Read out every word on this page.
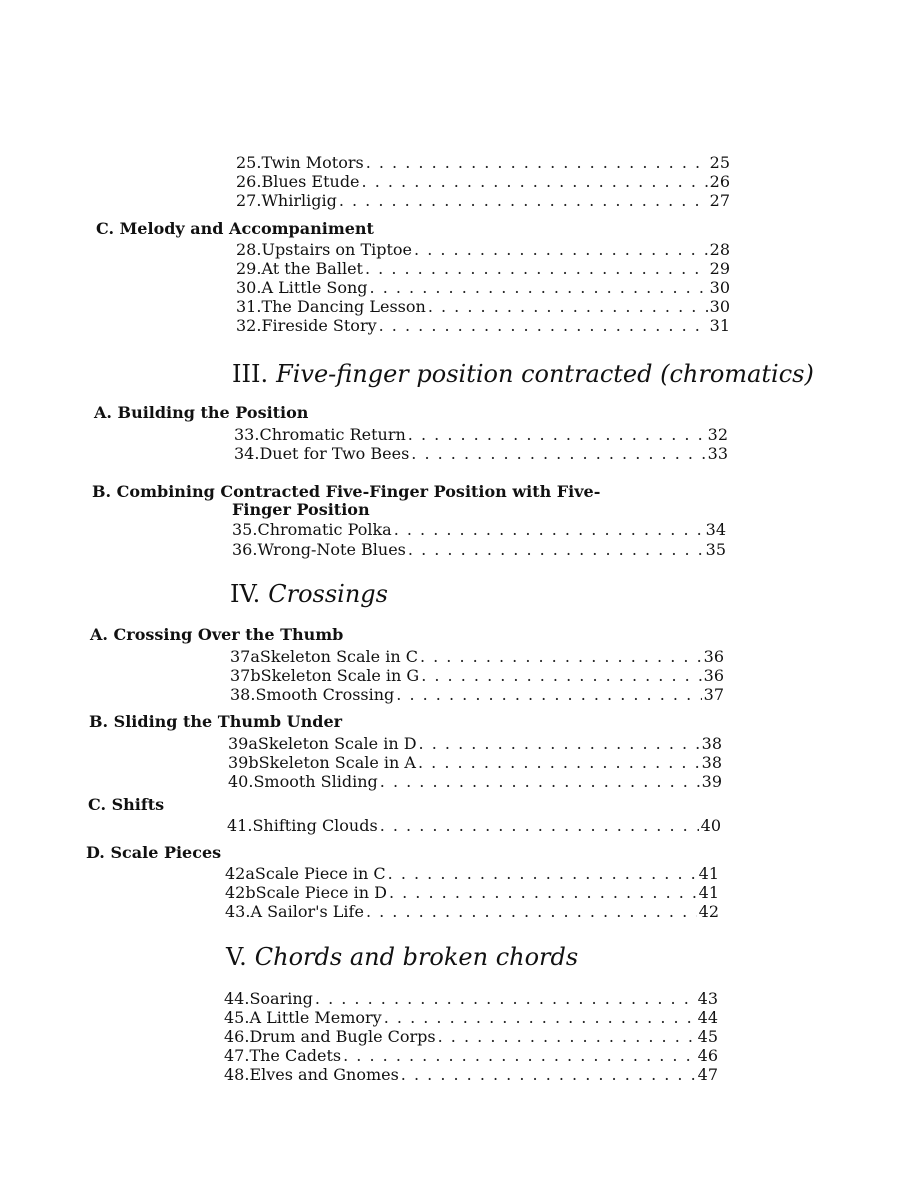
25. Twin Motors . . .	25
26. Blues Etude . . .	26
27. Whirligig . . .	27
C. Melody and Accompaniment
28. Upstairs on Tiptoe . . .	28
29. At the Ballet . . .	29
30. A Little Song . . .	30
31. The Dancing Lesson . . .	30
32. Fireside Story . . .	31
III. Five-finger position contracted (chromatics)
A. Building the Position
33. Chromatic Return . . .	32
34. Duet for Two Bees . . .	33
B. Combining Contracted Five-Finger Position with Five-
Finger Position
35. Chromatic Polka . . .	34
36. Wrong-Note Blues . . .	35
IV. Crossings
A. Crossing Over the Thumb
37a Skeleton Scale in C . . .	36
37b Skeleton Scale in G . . .	36
38. Smooth Crossing . . .	37
B. Sliding the Thumb Under
39a Skeleton Scale in D . . .	38
39b Skeleton Scale in A . . .	38
40. Smooth Sliding . . .	39
C. Shifts
41. Shifting Clouds . . .	40
D. Scale Pieces
42a Scale Piece in C . . .	41
42b Scale Piece in D . . .	41
43. A Sailor's Life . . .	42
V. Chords and broken chords
44. Soaring . . .	43
45. A Little Memory . . .	44
46. Drum and Bugle Corps . . .	45
47. The Cadets . . .	46
48. Elves and Gnomes . . .	47
